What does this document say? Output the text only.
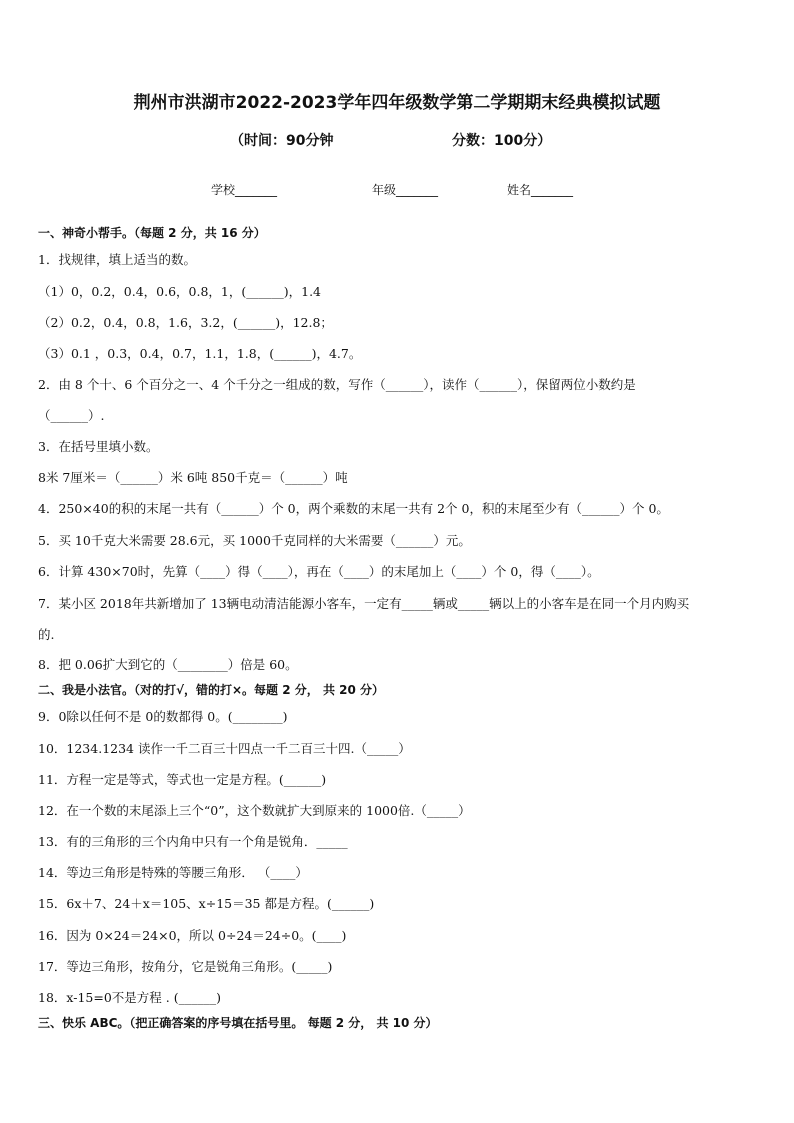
荆州市洪湖市2022-2023学年四年级数学第二学期期末经典模拟试题
（时间：90分钟	分数：100分）
学校_______	年级_______	姓名_______
一、神奇小帮手。（每题 2 分，共 16 分）
1．找规律，填上适当的数。
（1）0，0.2，0.4，0.6，0.8，1，(______)，1.4
（2）0.2，0.4，0.8，1.6，3.2，(______)，12.8；
（3）0.1 ，0.3，0.4，0.7，1.1，1.8，(______)，4.7。
2．由 8 个十、6 个百分之一、4 个千分之一组成的数，写作（______），读作（______），保留两位小数约是
（______）.
3．在括号里填小数。
8米 7厘米＝（______）米 6吨 850千克＝（______）吨
4．250×40的积的末尾一共有（______）个 0，两个乘数的末尾一共有 2个 0，积的末尾至少有（______）个 0。
5．买 10千克大米需要 28.6元，买 1000千克同样的大米需要（______）元。
6．计算 430×70时，先算（____）得（____），再在（____）的末尾加上（____）个 0，得（____）。
7．某小区 2018年共新增加了 13辆电动清洁能源小客车，一定有_____辆或_____辆以上的小客车是在同一个月内购买
的.
8．把 0.06扩大到它的（________）倍是 60。
二、我是小法官。（对的打√，错的打×。每题 2 分， 共 20 分）
9．0除以任何不是 0的数都得 0。(________)
10．1234.1234 读作一千二百三十四点一千二百三十四.（_____）
11．方程一定是等式，等式也一定是方程。(______)
12．在一个数的末尾添上三个“0”，这个数就扩大到原来的 1000倍.（_____）
13．有的三角形的三个内角中只有一个角是锐角．_____
14．等边三角形是特殊的等腰三角形． （____）
15．6x＋7、24＋x＝105、x÷15＝35 都是方程。(______)
16．因为 0×24＝24×0，所以 0÷24＝24÷0。(____)
17．等边三角形，按角分，它是锐角三角形。(_____)
18．x-15=0不是方程 . (______)
三、快乐 ABC。（把正确答案的序号填在括号里。 每题 2 分， 共 10 分）
